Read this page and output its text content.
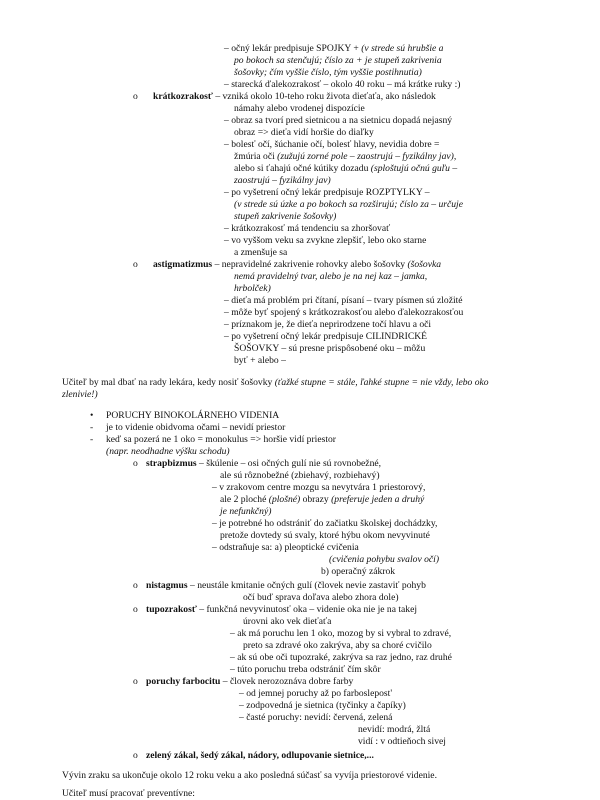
– očný lekár predpisuje SPOJKY + (v strede sú hrubšie a
po bokoch sa stenčujú; číslo za + je stupeň zakrivenia
šošovky; čím vyššie číslo, tým vyššie postihnutia)
– starecká ďalekozrakosť – okolo 40 roku – má krátke ruky :)
o krátkozrakosť – vzniká okolo 10-teho roku života dieťaťa, ako následok
námahy alebo vrodenej dispozície
– obraz sa tvorí pred sietnicou a na sietnicu dopadá nejasný
obraz => dieťa vidí horšie do diaľky
– bolesť očí, šúchanie očí, bolesť hlavy, nevidia dobre =
žmúria oči (zužujú zorné pole – zaostrujú – fyzikálny jav),
alebo si ťahajú očné kútiky dozadu (sploštujú očnú guľu –
zaostrujú – fyzikálny jav)
– po vyšetrení očný lekár predpisuje ROZPTYLKY –
(v strede sú úzke a po bokoch sa rozširujú; číslo za – určuje
stupeň zakrivenie šošovky)
– krátkozrakosť má tendenciu sa zhoršovať
– vo vyššom veku sa zvykne zlepšiť, lebo oko starne
a zmenšuje sa
o astigmatizmus – nepravidelné zakrivenie rohovky alebo šošovky (šošovka
nemá pravidelný tvar, alebo je na nej kaz – jamka,
hrbolček)
– dieťa má problém pri čítaní, písaní – tvary písmen sú zložité
– môže byť spojený s krátkozrakosťou alebo ďalekozrakosťou
– príznakom je, že dieťa neprirodzene točí hlavu a oči
– po vyšetrení očný lekár predpisuje CILINDRICKÉ
ŠOŠOVKY – sú presne prispôsobené oku – môžu
byť + alebo –
Učiteľ by mal dbať na rady lekára, kedy nosiť šošovky (ťažké stupne = stále, ľahké stupne = nie vždy, lebo oko
zlenivie!)
• PORUCHY BINOKOLÁRNEHO VIDENIA
- je to videnie obidvoma očami – nevidí priestor
- keď sa pozerá ne 1 oko = monokulus => horšie vidí priestor
(napr. neodhadne výšku schodu)
o strapbizmus – škúlenie – osi očných gulí nie sú rovnobežné,
ale sú rôznobežné (zbiehavý, rozbiehavý)
– v zrakovom centre mozgu sa nevytvára 1 priestorový,
ale 2 ploché (plošné) obrazy (preferuje jeden a druhý
je nefunkčný)
– je potrebné ho odstrániť do začiatku školskej dochádzky,
pretože dovtedy sú svaly, ktoré hýbu okom nevyvinuté
– odstraňuje sa: a) pleoptické cvičenia
(cvičenia pohybu svalov očí)
b) operačný zákrok
o nistagmus – neustále kmitanie očných gulí (človek nevie zastaviť pohyb
očí buď sprava doľava alebo zhora dole)
o tupozrakosť – funkčná nevyvinutosť oka – videnie oka nie je na takej
úrovni ako vek dieťaťa
– ak má poruchu len 1 oko, mozog by si vybral to zdravé,
preto sa zdravé oko zakrýva, aby sa choré cvičilo
– ak sú obe oči tupozraké, zakrýva sa raz jedno, raz druhé
– túto poruchu treba odstrániť čím skôr
o poruchy farbocitu – človek nerozoznáva dobre farby
– od jemnej poruchy až po farboslepost'
– zodpovedná je sietnica (tyčinky a čapíky)
– časté poruchy: nevidí: červená, zelená
nevidí: modrá, žltá
vidí : v odtieňoch sivej
o zelený zákal, šedý zákal, nádory, odlupovanie sietnice,...
Vývin zraku sa ukončuje okolo 12 roku veku a ako posledná súčasť sa vyvíja priestorové videnie.
Učiteľ musí pracovať preventívne:
